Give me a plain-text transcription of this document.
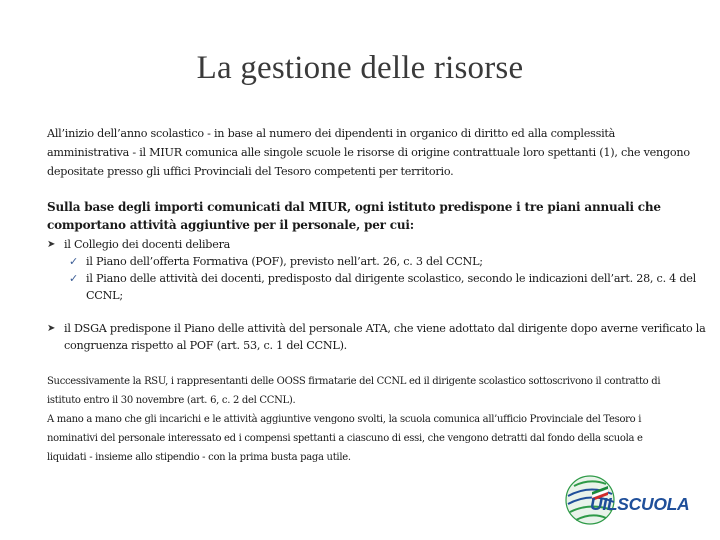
La gestione delle risorse
All’inizio dell’anno scolastico - in base al numero dei dipendenti in organico di diritto ed alla complessità amministrativa - il MIUR comunica alle singole scuole le risorse di origine contrattuale loro spettanti (1), che vengono depositate presso gli uffici Provinciali del Tesoro competenti per territorio.
Sulla base degli importi comunicati dal MIUR, ogni istituto predispone i tre piani annuali che comportano attività aggiuntive per il personale, per cui:
➤ il Collegio dei docenti delibera
✓ il Piano dell’offerta Formativa (POF), previsto nell’art. 26, c. 3 del CCNL;
✓ il Piano delle attività dei docenti, predisposto dal dirigente scolastico, secondo le indicazioni dell’art. 28, c. 4 del CCNL;
➤ il DSGA predispone il Piano delle attività del personale ATA, che viene adottato dal dirigente dopo averne verificato la congruenza rispetto al POF (art. 53, c. 1 del CCNL).
Successivamente la RSU, i rappresentanti delle OOSS firmatarie del CCNL ed il dirigente scolastico sottoscrivono il contratto di istituto entro il 30 novembre (art. 6, c. 2 del CCNL).
A mano a mano che gli incarichi e le attività aggiuntive vengono svolti, la scuola comunica all’ufficio Provinciale del Tesoro i nominativi del personale interessato ed i compensi spettanti a ciascuno di essi, che vengono detratti dal fondo della scuola e liquidati - insieme allo stipendio - con la prima busta paga utile.
UILSCUOLA
